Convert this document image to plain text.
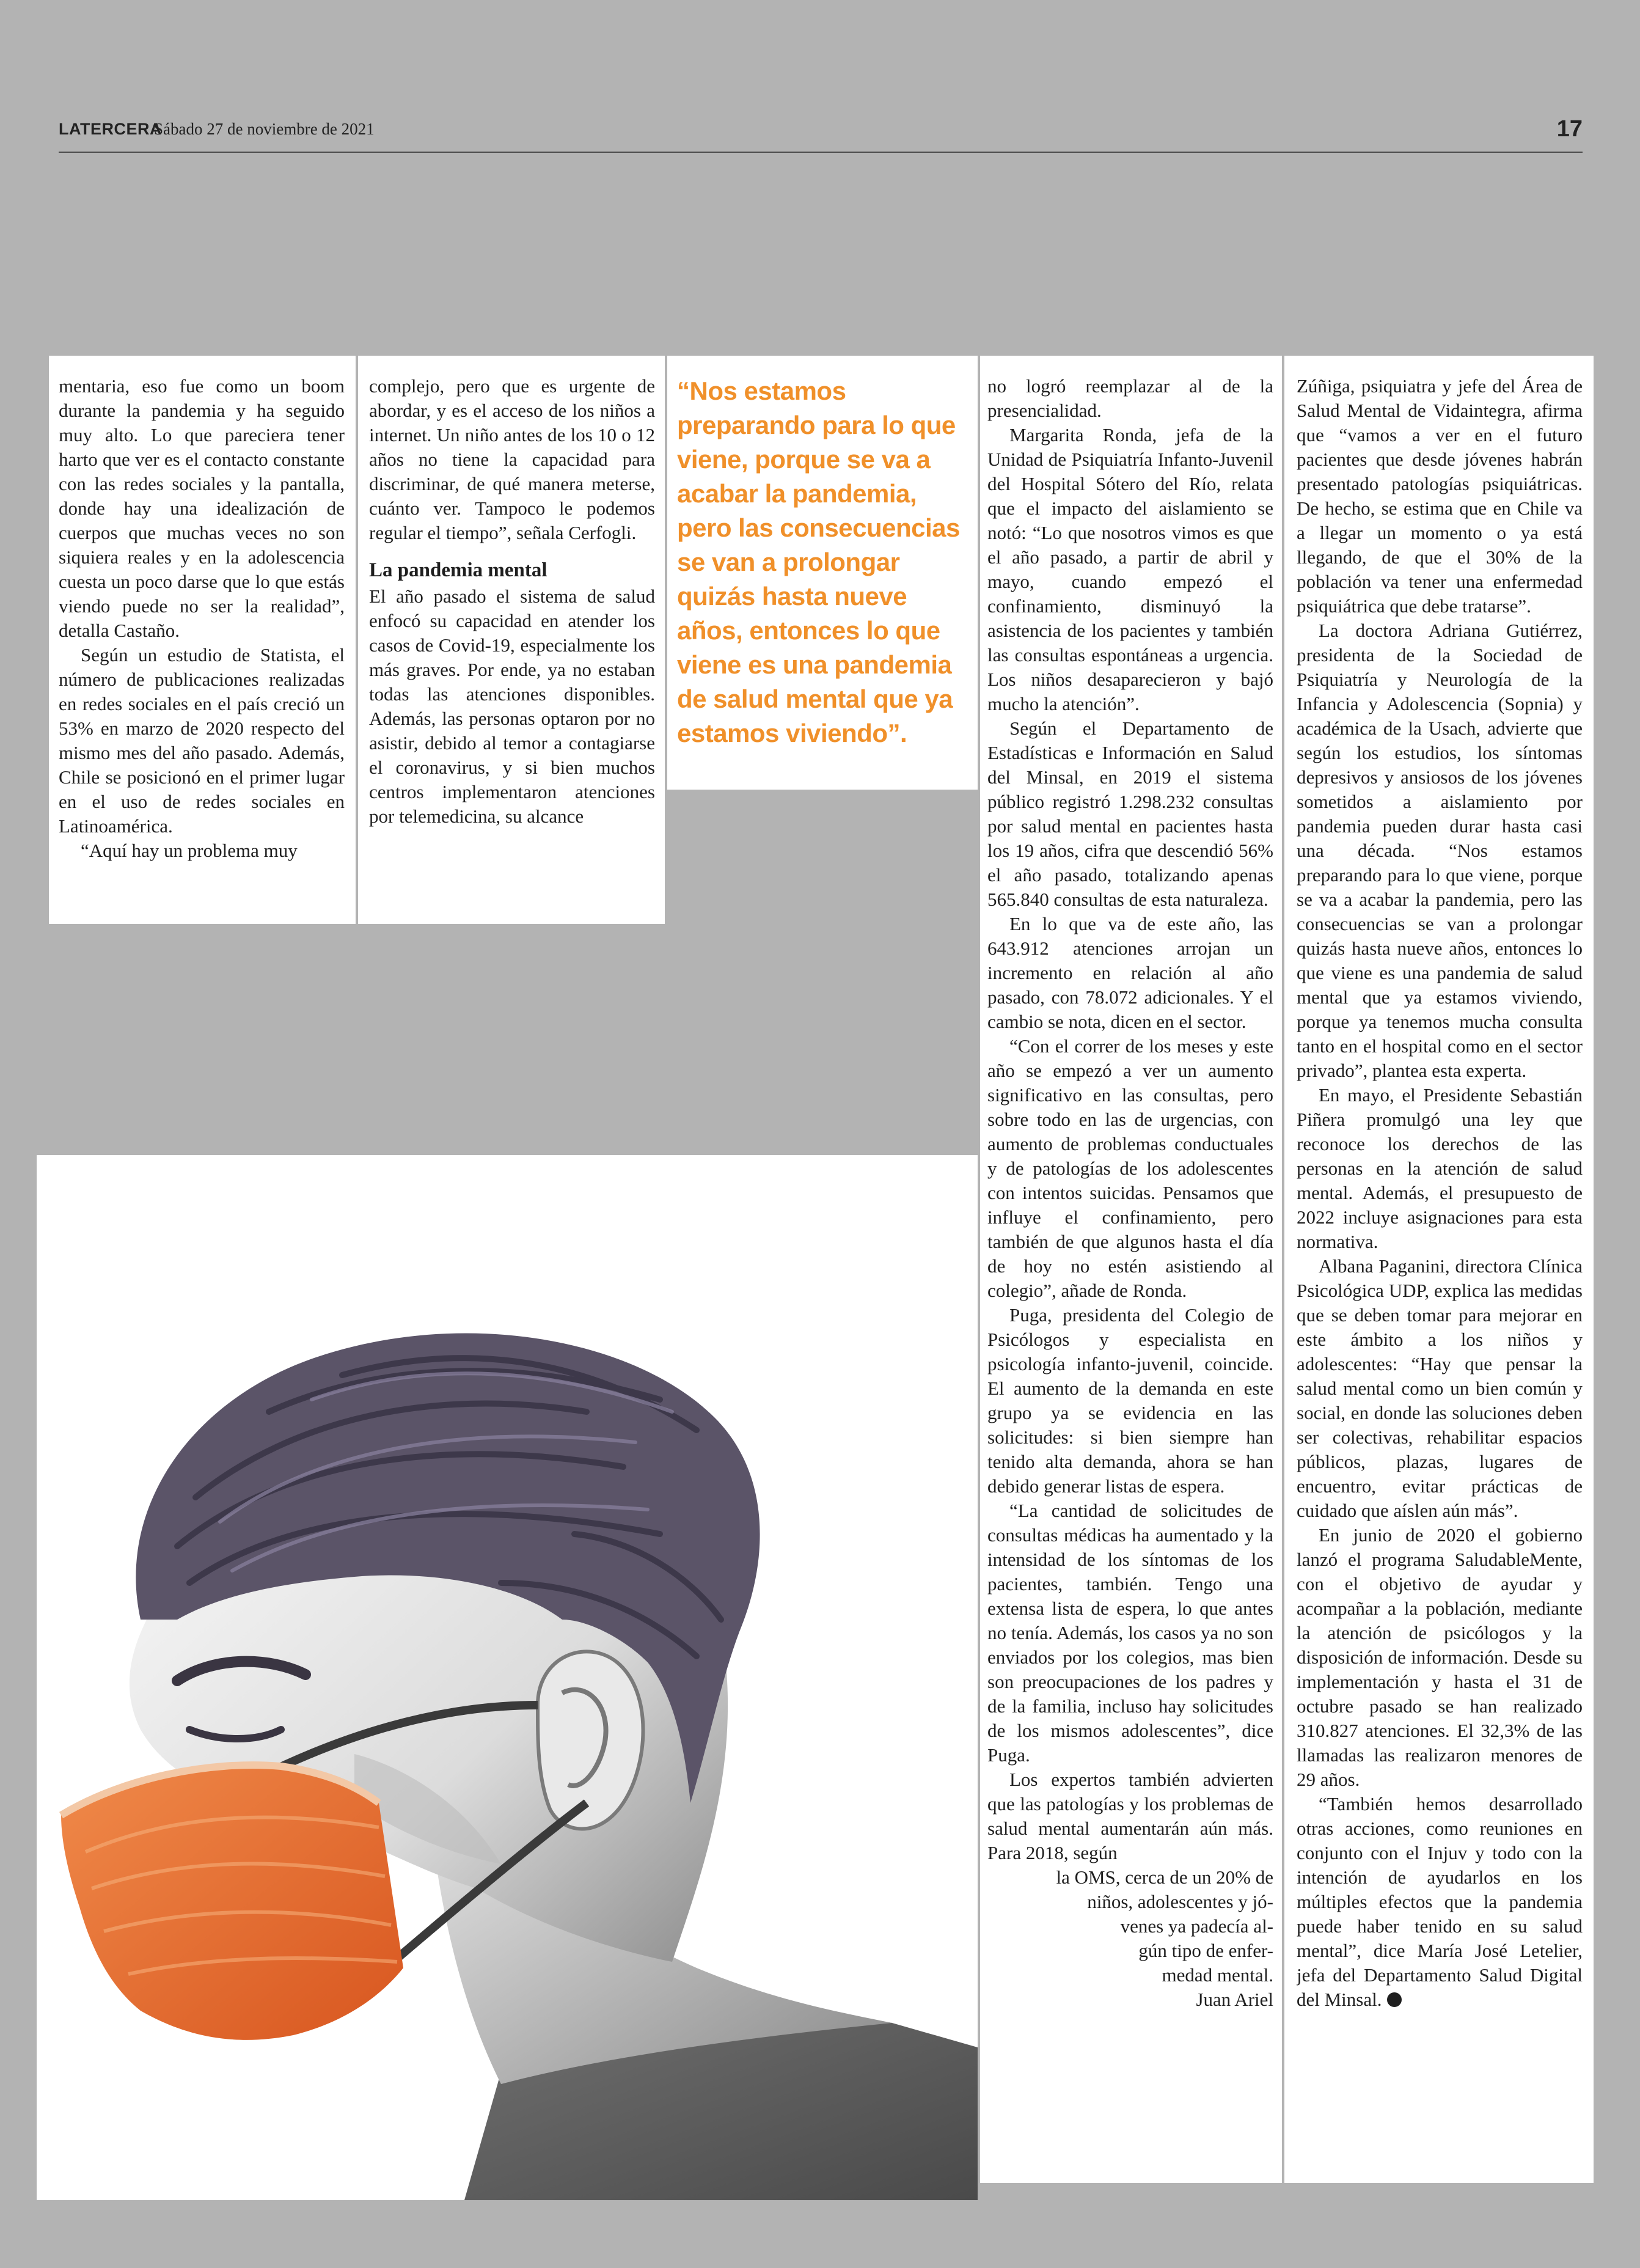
LATERCERA
Sábado 27 de noviembre de 2021	17

mentaria, eso fue como un boom durante la pandemia y ha seguido muy alto. Lo que pareciera tener harto que ver es el contacto constante con las redes sociales y la pantalla, donde hay una idealización de cuerpos que muchas veces no son siquiera reales y en la adolescencia cuesta un poco darse que lo que estás viendo puede no ser la realidad”, detalla Castaño.

Según un estudio de Statista, el número de publicaciones realizadas en redes sociales en el país creció un 53% en marzo de 2020 respecto del mismo mes del año pasado. Además, Chile se posicionó en el primer lugar en el uso de redes sociales en Latinoamérica.

“Aquí hay un problema muy

complejo, pero que es urgente de abordar, y es el acceso de los niños a internet. Un niño antes de los 10 o 12 años no tiene la capacidad para discriminar, de qué manera meterse, cuánto ver. Tampoco le podemos regular el tiempo”, señala Cerfogli.

La pandemia mental

El año pasado el sistema de salud enfocó su capacidad en atender los casos de Covid-19, especialmente los más graves. Por ende, ya no estaban todas las atenciones disponibles. Además, las personas optaron por no asistir, debido al temor a contagiarse el coronavirus, y si bien muchos centros implementaron atenciones por telemedicina, su alcance

“Nos estamos preparando para lo que viene, porque se va a acabar la pandemia, pero las consecuencias se van a prolongar quizás hasta nueve años, entonces lo que viene es una pandemia de salud mental que ya estamos viviendo”.

no logró reemplazar al de la presencialidad.

Margarita Ronda, jefa de la Unidad de Psiquiatría Infanto-Juvenil del Hospital Sótero del Río, relata que el impacto del aislamiento se notó: “Lo que nosotros vimos es que el año pasado, a partir de abril y mayo, cuando empezó el confinamiento, disminuyó la asistencia de los pacientes y también las consultas espontáneas a urgencia. Los niños desaparecieron y bajó mucho la atención”.

Según el Departamento de Estadísticas e Información en Salud del Minsal, en 2019 el sistema público registró 1.298.232 consultas por salud mental en pacientes hasta los 19 años, cifra que descendió 56% el año pasado, totalizando apenas 565.840 consultas de esta naturaleza.

En lo que va de este año, las 643.912 atenciones arrojan un incremento en relación al año pasado, con 78.072 adicionales. Y el cambio se nota, dicen en el sector.

“Con el correr de los meses y este año se empezó a ver un aumento significativo en las consultas, pero sobre todo en las de urgencias, con aumento de problemas conductuales y de patologías de los adolescentes con intentos suicidas. Pensamos que influye el confinamiento, pero también de que algunos hasta el día de hoy no estén asistiendo al colegio”, añade de Ronda.

Puga, presidenta del Colegio de Psicólogos y especialista en psicología infanto-juvenil, coincide. El aumento de la demanda en este grupo ya se evidencia en las solicitudes: si bien siempre han tenido alta demanda, ahora se han debido generar listas de espera.

“La cantidad de solicitudes de consultas médicas ha aumentado y la intensidad de los síntomas de los pacientes, también. Tengo una extensa lista de espera, lo que antes no tenía. Además, los casos ya no son enviados por los colegios, mas bien son preocupaciones de los padres y de la familia, incluso hay solicitudes de los mismos adolescentes”, dice Puga.

Los expertos también advierten que las patologías y los problemas de salud mental aumentarán aún más. Para 2018, según

la OMS, cerca de un 20% de

niños, adolescentes y jó-

venes ya padecía al-

gún tipo de enfer-

medad mental.

Juan Ariel

Zúñiga, psiquiatra y jefe del Área de Salud Mental de Vidaintegra, afirma que “vamos a ver en el futuro pacientes que desde jóvenes habrán presentado patologías psiquiátricas. De hecho, se estima que en Chile va a llegar un momento o ya está llegando, de que el 30% de la población va tener una enfermedad psiquiátrica que debe tratarse”.

La doctora Adriana Gutiérrez, presidenta de la Sociedad de Psiquiatría y Neurología de la Infancia y Adolescencia (Sopnia) y académica de la Usach, advierte que según los estudios, los síntomas depresivos y ansiosos de los jóvenes sometidos a aislamiento por pandemia pueden durar hasta casi una década. “Nos estamos preparando para lo que viene, porque se va a acabar la pandemia, pero las consecuencias se van a prolongar quizás hasta nueve años, entonces lo que viene es una pandemia de salud mental que ya estamos viviendo, porque ya tenemos mucha consulta tanto en el hospital como en el sector privado”, plantea esta experta.

En mayo, el Presidente Sebastián Piñera promulgó una ley que reconoce los derechos de las personas en la atención de salud mental. Además, el presupuesto de 2022 incluye asignaciones para esta normativa.

Albana Paganini, directora Clínica Psicológica UDP, explica las medidas que se deben tomar para mejorar en este ámbito a los niños y adolescentes: “Hay que pensar la salud mental como un bien común y social, en donde las soluciones deben ser colectivas, rehabilitar espacios públicos, plazas, lugares de encuentro, evitar prácticas de cuidado que aíslen aún más”.

En junio de 2020 el gobierno lanzó el programa SaludableMente, con el objetivo de ayudar y acompañar a la población, mediante la atención de psicólogos y la disposición de información. Desde su implementación y hasta el 31 de octubre pasado se han realizado 310.827 atenciones. El 32,3% de las llamadas las realizaron menores de 29 años.

“También hemos desarrollado otras acciones, como reuniones en conjunto con el Injuv y todo con la intención de ayudarlos en los múltiples efectos que la pandemia puede haber tenido en su salud mental”, dice María José Letelier, jefa del Departamento Salud Digital del Minsal.
